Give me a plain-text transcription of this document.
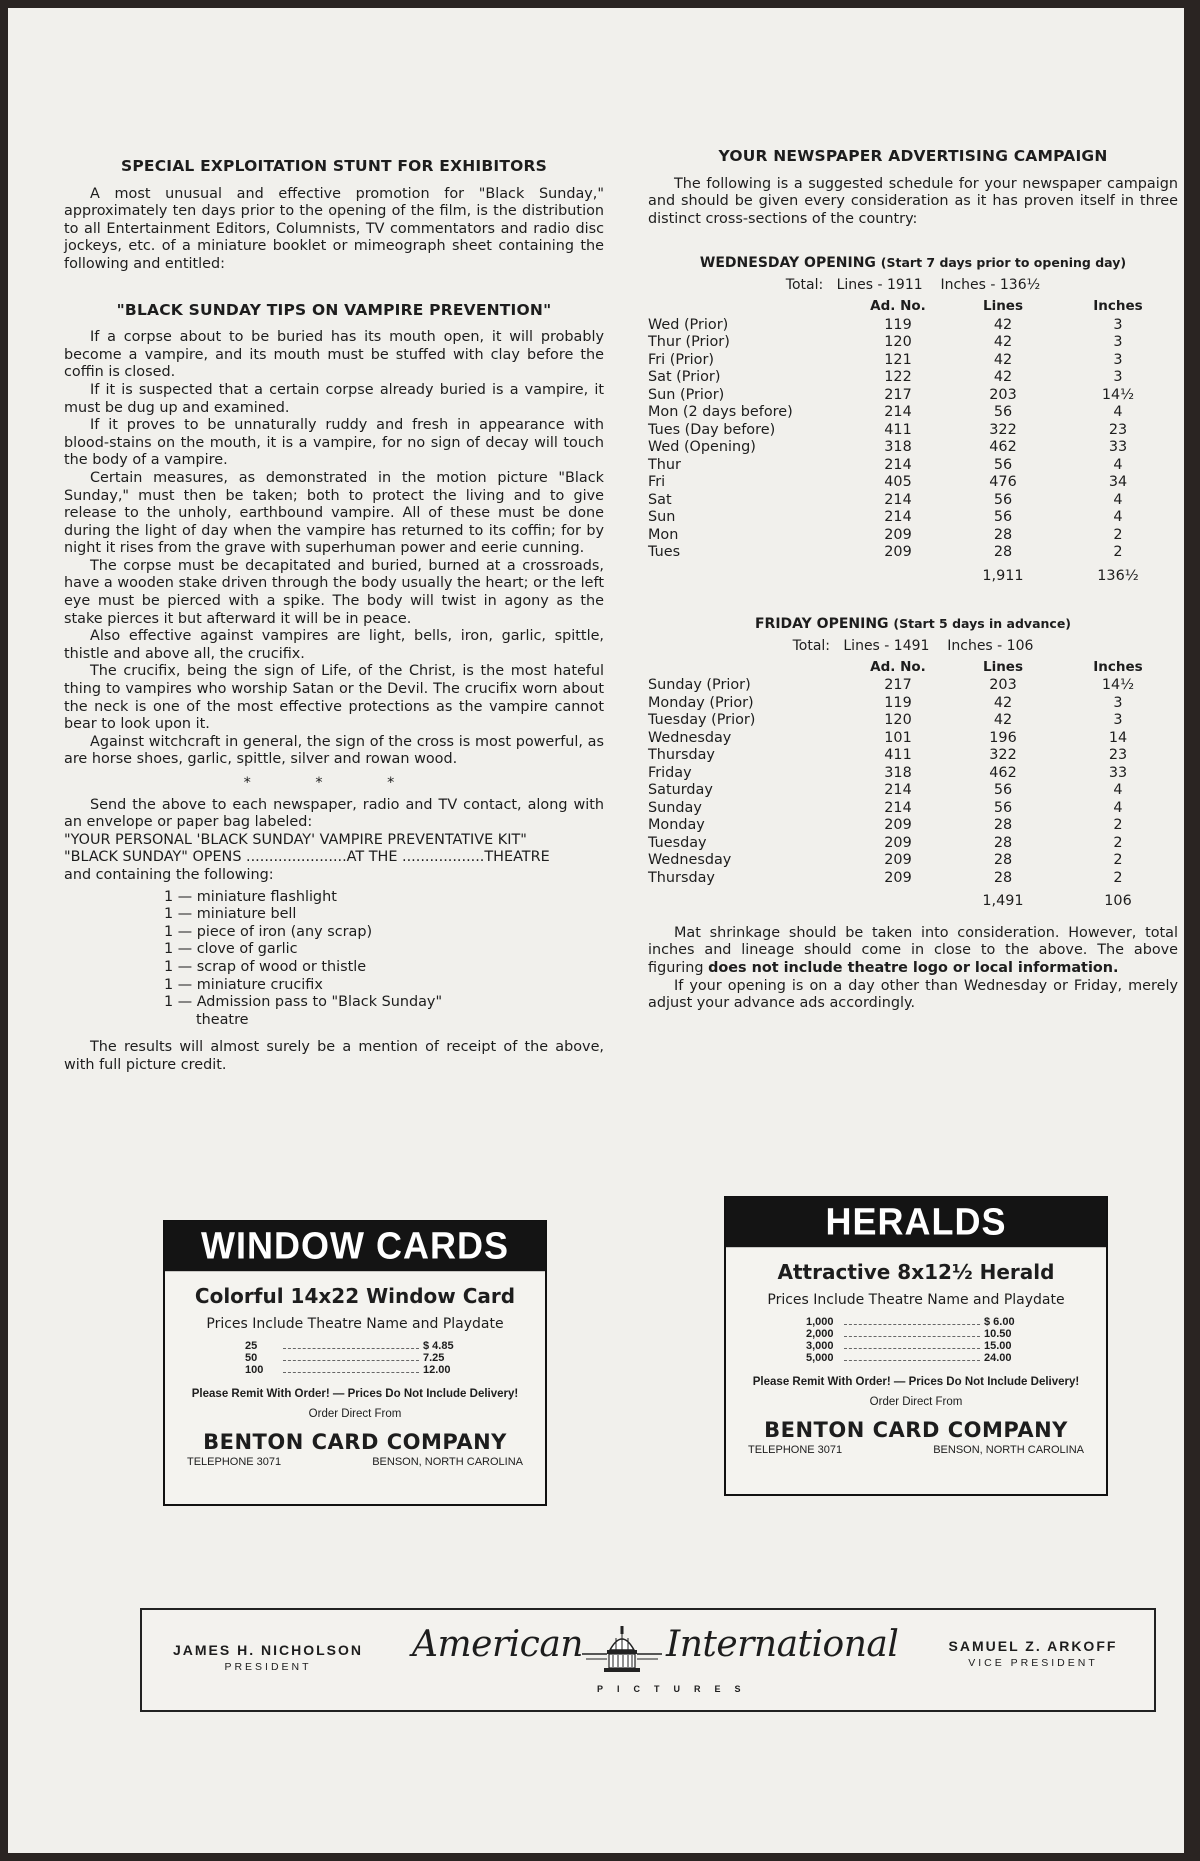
SPECIAL EXPLOITATION STUNT FOR EXHIBITORS

A most unusual and effective promotion for "Black Sunday," approximately ten days prior to the opening of the film, is the distribution to all Entertainment Editors, Columnists, TV commentators and radio disc jockeys, etc. of a miniature booklet or mimeograph sheet containing the following and entitled:

"BLACK SUNDAY TIPS ON VAMPIRE PREVENTION"

If a corpse about to be buried has its mouth open, it will probably become a vampire, and its mouth must be stuffed with clay before the coffin is closed.

If it is suspected that a certain corpse already buried is a vampire, it must be dug up and examined.

If it proves to be unnaturally ruddy and fresh in appearance with blood-stains on the mouth, it is a vampire, for no sign of decay will touch the body of a vampire.

Certain measures, as demonstrated in the motion picture "Black Sunday," must then be taken; both to protect the living and to give release to the unholy, earthbound vampire. All of these must be done during the light of day when the vampire has returned to its coffin; for by night it rises from the grave with superhuman power and eerie cunning.

The corpse must be decapitated and buried, burned at a crossroads, have a wooden stake driven through the body usually the heart; or the left eye must be pierced with a spike. The body will twist in agony as the stake pierces it but afterward it will be in peace.

Also effective against vampires are light, bells, iron, garlic, spittle, thistle and above all, the crucifix.

The crucifix, being the sign of Life, of the Christ, is the most hateful thing to vampires who worship Satan or the Devil. The crucifix worn about the neck is one of the most effective protections as the vampire cannot bear to look upon it.

Against witchcraft in general, the sign of the cross is most powerful, as are horse shoes, garlic, spittle, silver and rowan wood.

* * *

Send the above to each newspaper, radio and TV contact, along with an envelope or paper bag labeled:

"YOUR PERSONAL 'BLACK SUNDAY' VAMPIRE PREVENTATIVE KIT"
"BLACK SUNDAY" OPENS ......................AT THE ..................THEATRE
and containing the following:
1 — miniature flashlight
1 — miniature bell
1 — piece of iron (any scrap)
1 — clove of garlic
1 — scrap of wood or thistle
1 — miniature crucifix
1 — Admission pass to "Black Sunday"
theatre

The results will almost surely be a mention of receipt of the above, with full picture credit.

YOUR NEWSPAPER ADVERTISING CAMPAIGN

The following is a suggested schedule for your newspaper campaign and should be given every consideration as it has proven itself in three distinct cross-sections of the country:

WEDNESDAY OPENING (Start 7 days prior to opening day)
Total: Lines - 1911 Inches - 136½
	Ad. No.	Lines	Inches
Wed (Prior)	119	42	3
Thur (Prior)	120	42	3
Fri (Prior)	121	42	3
Sat (Prior)	122	42	3
Sun (Prior)	217	203	14½
Mon (2 days before)	214	56	4
Tues (Day before)	411	322	23
Wed (Opening)	318	462	33
Thur	214	56	4
Fri	405	476	34
Sat	214	56	4
Sun	214	56	4
Mon	209	28	2
Tues	209	28	2
		1,911	136½
FRIDAY OPENING (Start 5 days in advance)
Total: Lines - 1491 Inches - 106
	Ad. No.	Lines	Inches
Sunday (Prior)	217	203	14½
Monday (Prior)	119	42	3
Tuesday (Prior)	120	42	3
Wednesday	101	196	14
Thursday	411	322	23
Friday	318	462	33
Saturday	214	56	4
Sunday	214	56	4
Monday	209	28	2
Tuesday	209	28	2
Wednesday	209	28	2
Thursday	209	28	2
		1,491	106

Mat shrinkage should be taken into consideration. However, total inches and lineage should come in close to the above. The above figuring does not include theatre logo or local information.

If your opening is on a day other than Wednesday or Friday, merely adjust your advance ads accordingly.

WINDOW CARDS
Colorful 14x22 Window Card
Prices Include Theatre Name and Playdate
25	$ 4.85
50	7.25
100	12.00
Please Remit With Order! — Prices Do Not Include Delivery!
Order Direct From
BENTON CARD COMPANY
TELEPHONE 3071	BENSON, NORTH CAROLINA
HERALDS
Attractive 8x12½ Herald
Prices Include Theatre Name and Playdate
1,000	$ 6.00
2,000	10.50
3,000	15.00
5,000	24.00
Please Remit With Order! — Prices Do Not Include Delivery!
Order Direct From
BENTON CARD COMPANY
TELEPHONE 3071	BENSON, NORTH CAROLINA
JAMES H. NICHOLSON
PRESIDENT
American International
PICTURES
SAMUEL Z. ARKOFF
VICE PRESIDENT
